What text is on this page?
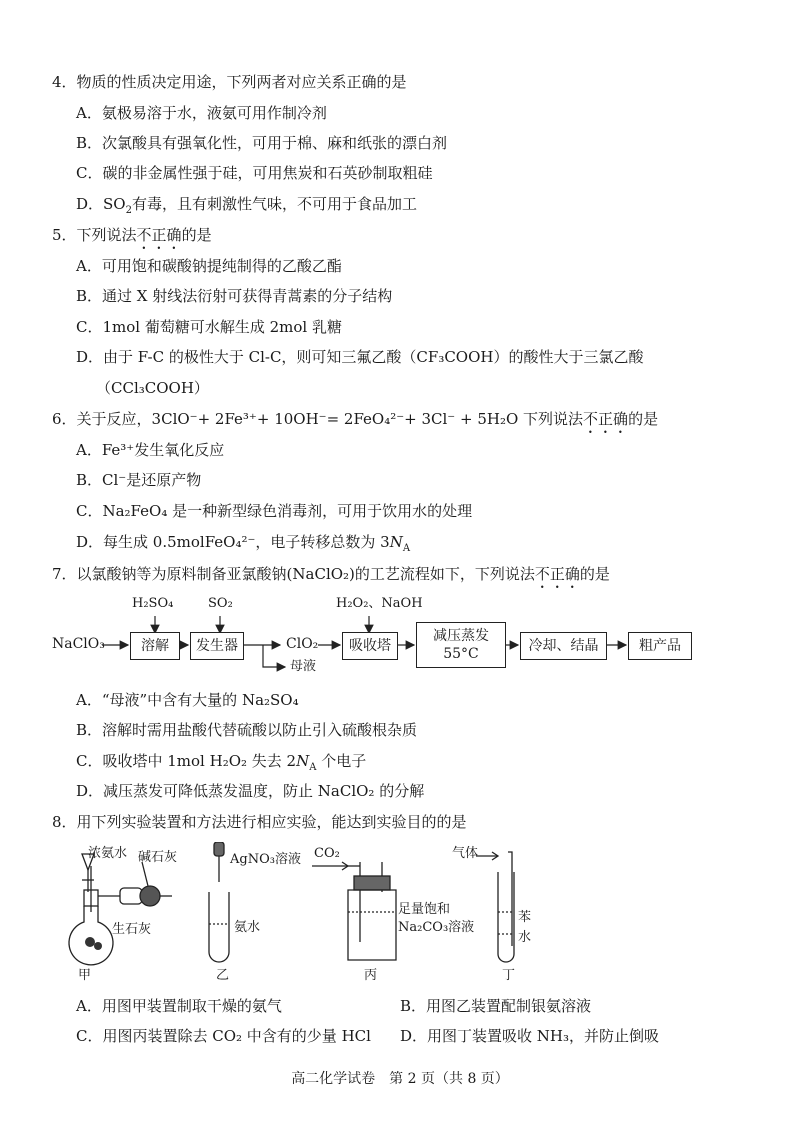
4．物质的性质决定用途，下列两者对应关系正确的是
A．氨极易溶于水，液氨可用作制冷剂
B．次氯酸具有强氧化性，可用于棉、麻和纸张的漂白剂
C．碳的非金属性强于硅，可用焦炭和石英砂制取粗硅
D．$SO_2$有毒，且有刺激性气味，不可用于食品加工
5．下列说法不正确的是
A．可用饱和碳酸钠提纯制得的乙酸乙酯
B．通过 X 射线法衍射可获得青蒿素的分子结构
C．1mol 葡萄糖可水解生成 2mol 乳糖
D．由于 F-C 的极性大于 Cl-C，则可知三氟乙酸（CF₃COOH）的酸性大于三氯乙酸
（CCl₃COOH）
6．关于反应，3ClO⁻+ 2Fe³⁺+ 10OH⁻= 2FeO₄²⁻+ 3Cl⁻ + 5H₂O 下列说法不正确的是
A．Fe³⁺发生氧化反应
B．Cl⁻是还原产物
C．Na₂FeO₄ 是一种新型绿色消毒剂，可用于饮用水的处理
D．每生成 0.5molFeO₄²⁻，电子转移总数为 $3N_A$
7．以氯酸钠等为原料制备亚氯酸钠(NaClO₂)的工艺流程如下，下列说法不正确的是
NaClO₃
H₂SO₄	SO₂	H₂O₂、NaOH
溶解	发生器	ClO₂
母液
吸收塔
减压蒸发
55°C	冷却、结晶	粗产品
A．“母液”中含有大量的 Na₂SO₄
B．溶解时需用盐酸代替硫酸以防止引入硫酸根杂质
C．吸收塔中 1mol H₂O₂ 失去 $2N_A$ 个电子
D．减压蒸发可降低蒸发温度，防止 NaClO₂ 的分解
8．用下列实验装置和方法进行相应实验，能达到实验目的的是
浓氨水 碱石灰
生石灰
甲
AgNO₃溶液
氨水
乙
CO₂
足量饱和
Na₂CO₃溶液
丙
气体
苯
水
丁
A．用图甲装置制取干燥的氨气	B．用图乙装置配制银氨溶液
C．用图丙装置除去 CO₂ 中含有的少量 HCl D．用图丁装置吸收 NH₃，并防止倒吸
高二化学试卷　第 2 页（共 8 页）
